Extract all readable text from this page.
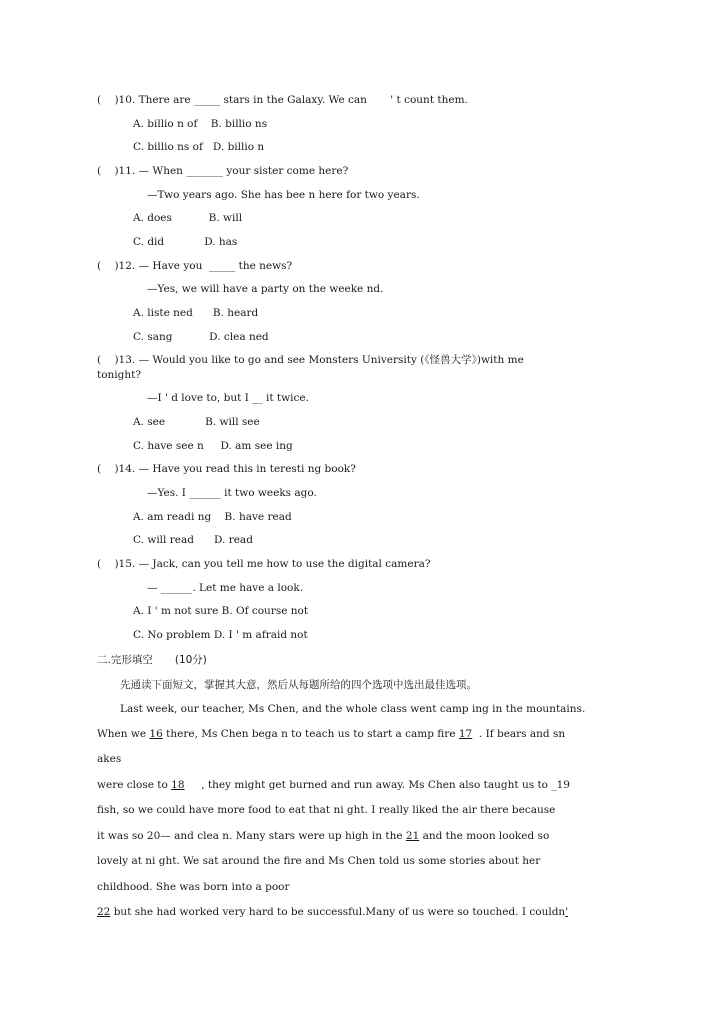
(    )10. There are _____ stars in the Galaxy. We can       ' t count them.
A. billio n of    B. billio ns
C. billio ns of   D. billio n
(    )11. — When _______ your sister come here?
—Two years ago. She has bee n here for two years.
A. does           B. will
C. did            D. has
(    )12. — Have you  _____ the news?
—Yes, we will have a party on the weeke nd.
A. liste ned      B. heard
C. sang           D. clea ned
(    )13. — Would you like to go and see Monsters University (《怪兽大学》)with me
tonight?
—I ' d love to, but I __ it twice.
A. see            B. will see
C. have see n     D. am see ing
(    )14. — Have you read this in teresti ng book?
—Yes. I ______ it two weeks ago.
A. am readi ng    B. have read
C. will read      D. read
(    )15. — Jack, can you tell me how to use the digital camera?
— ______. Let me have a look.
A. I ' m not sure B. Of course not
C. No problem D. I ' m afraid not
二.完形填空 (10分)
先通读下面短文，掌握其大意，然后从每题所给的四个选项中选出最佳选项。
Last week, our teacher, Ms Chen, and the whole class went camp ing in the mountains.
When we 16 there, Ms Chen bega n to teach us to start a camp fire 17  . If bears and sn
akes
were close to 18     , they might get burned and run away. Ms Chen also taught us to _19
fish, so we could have more food to eat that ni ght. I really liked the air there because
it was so 20— and clea n. Many stars were up high in the 21 and the moon looked so
lovely at ni ght. We sat around the fire and Ms Chen told us some stories about her
childhood. She was born into a poor
22 but she had worked very hard to be successful.Many of us were so touched. I couldn'
